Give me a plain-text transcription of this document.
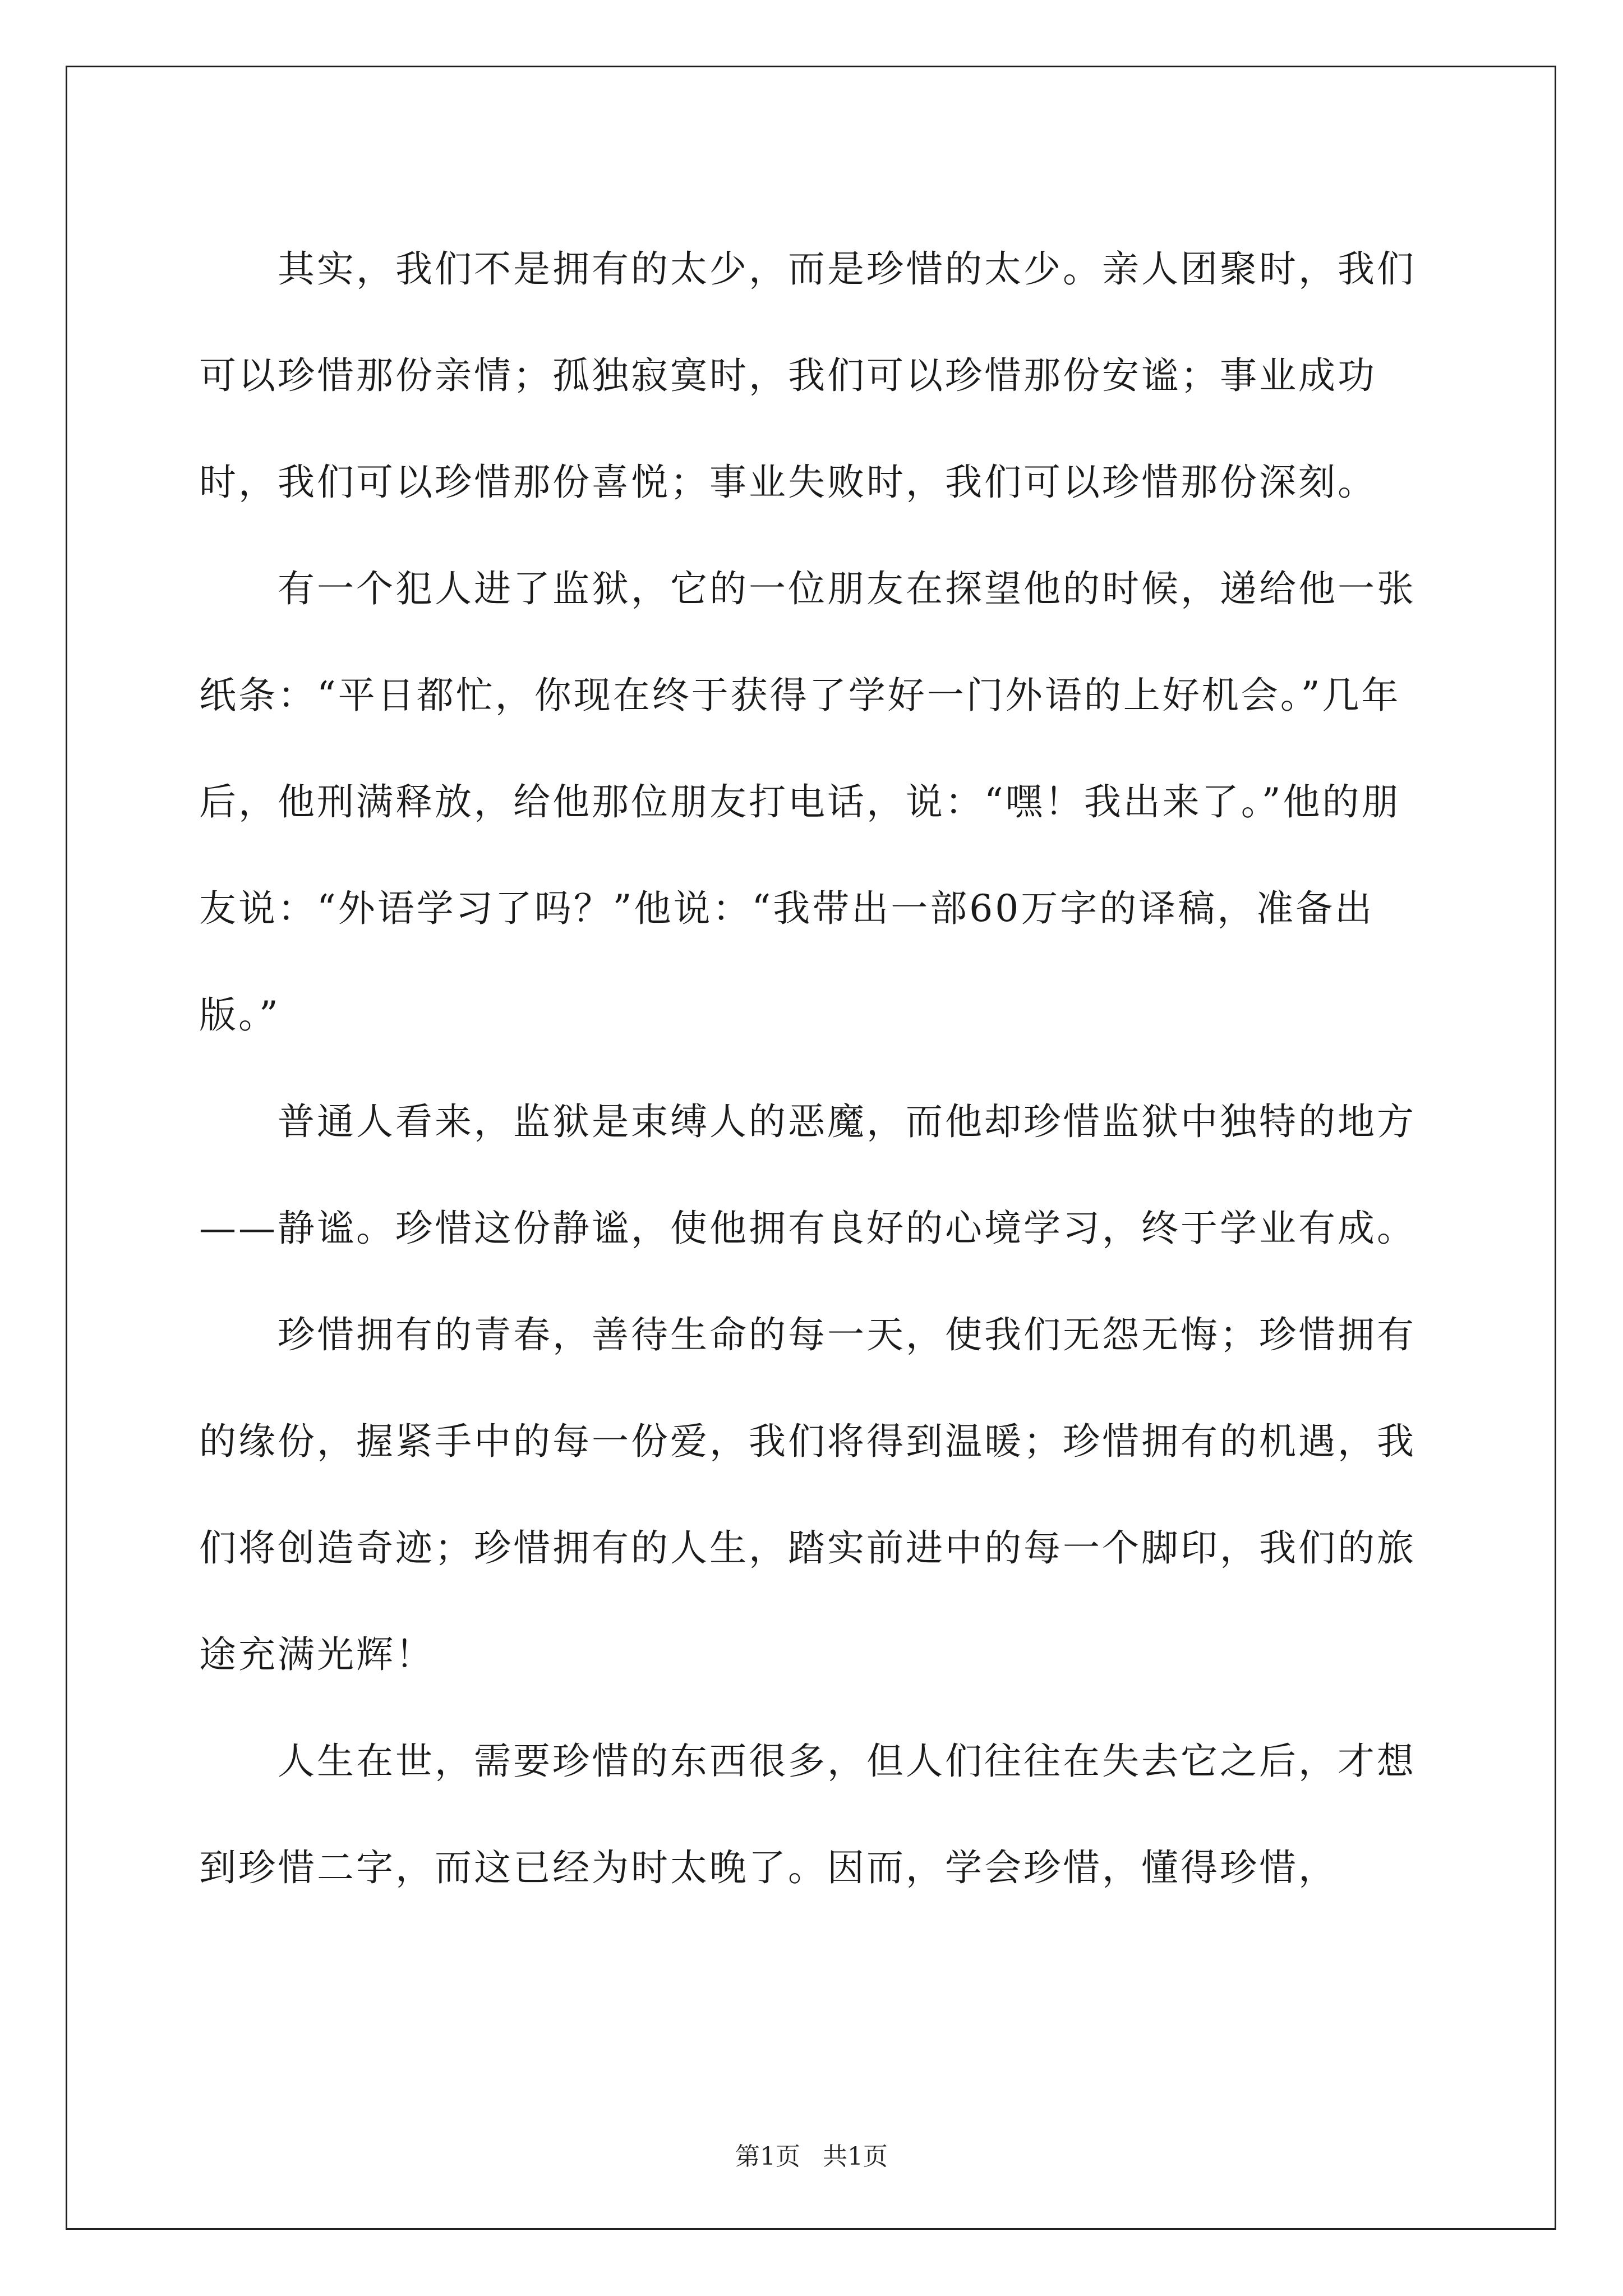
其实，我们不是拥有的太少，而是珍惜的太少。亲人团聚时，我们可以珍惜那份亲情；孤独寂寞时，我们可以珍惜那份安谧；事业成功时，我们可以珍惜那份喜悦；事业失败时，我们可以珍惜那份深刻。

有一个犯人进了监狱，它的一位朋友在探望他的时候，递给他一张纸条：“平日都忙，你现在终于获得了学好一门外语的上好机会。”几年后，他刑满释放，给他那位朋友打电话，说：“嘿！我出来了。”他的朋友说：“外语学习了吗？”他说：“我带出一部60万字的译稿，准备出版。”

普通人看来，监狱是束缚人的恶魔，而他却珍惜监狱中独特的地方——静谧。珍惜这份静谧，使他拥有良好的心境学习，终于学业有成。

珍惜拥有的青春，善待生命的每一天，使我们无怨无悔；珍惜拥有的缘份，握紧手中的每一份爱，我们将得到温暖；珍惜拥有的机遇，我们将创造奇迹；珍惜拥有的人生，踏实前进中的每一个脚印，我们的旅途充满光辉！

人生在世，需要珍惜的东西很多，但人们往往在失去它之后，才想到珍惜二字，而这已经为时太晚了。因而，学会珍惜，懂得珍惜，

第1页 共1页
